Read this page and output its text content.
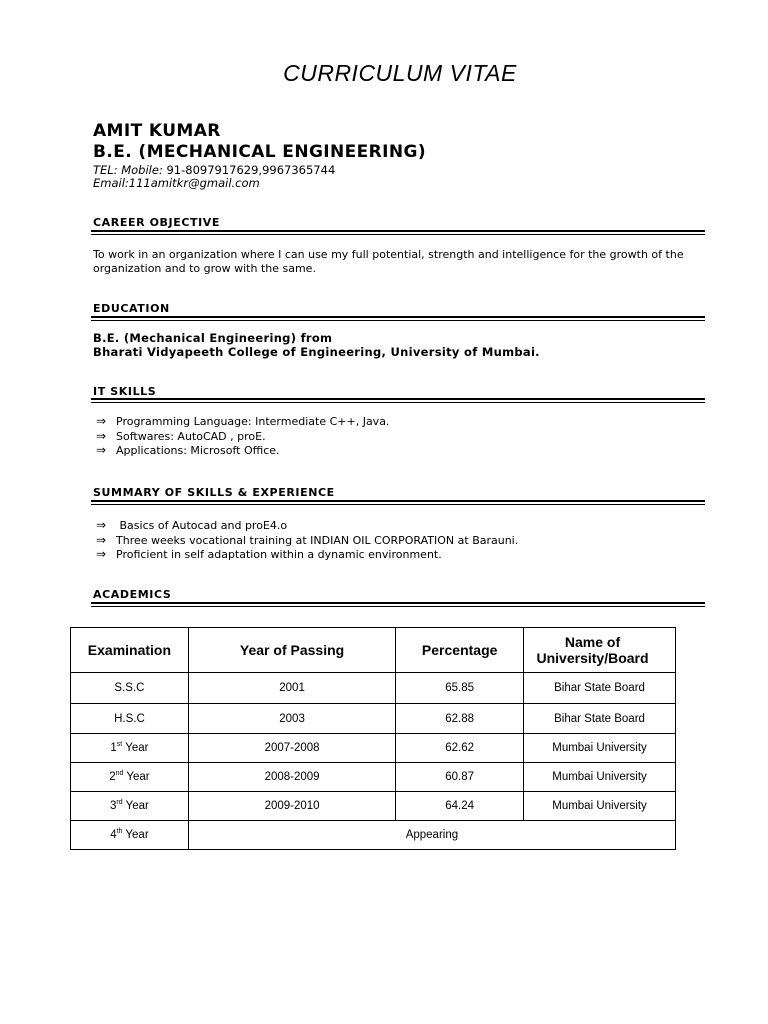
CURRICULUM VITAE
AMIT KUMAR
B.E. (MECHANICAL ENGINEERING)
TEL: Mobile: 91-8097917629,9967365744
Email:111amitkr@gmail.com
CAREER OBJECTIVE
To work in an organization where I can use my full potential, strength and intelligence for the growth of the organization and to grow with the same.
EDUCATION
B.E. (Mechanical Engineering) from
Bharati Vidyapeeth College of Engineering, University of Mumbai.
IT SKILLS
⇒ Programming Language: Intermediate C++, Java.
⇒ Softwares: AutoCAD , proE.
⇒ Applications: Microsoft Office.
SUMMARY OF SKILLS & EXPERIENCE
⇒ Basics of Autocad and proE4.o
⇒ Three weeks vocational training at INDIAN OIL CORPORATION at Barauni.
⇒ Proficient in self adaptation within a dynamic environment.
ACADEMICS
Examination	Year of Passing	Percentage	Name of University/Board
S.S.C	2001	65.85	Bihar State Board
H.S.C	2003	62.88	Bihar State Board
1st Year	2007-2008	62.62	Mumbai University
2nd Year	2008-2009	60.87	Mumbai University
3rd Year	2009-2010	64.24	Mumbai University
4th Year	Appearing		
